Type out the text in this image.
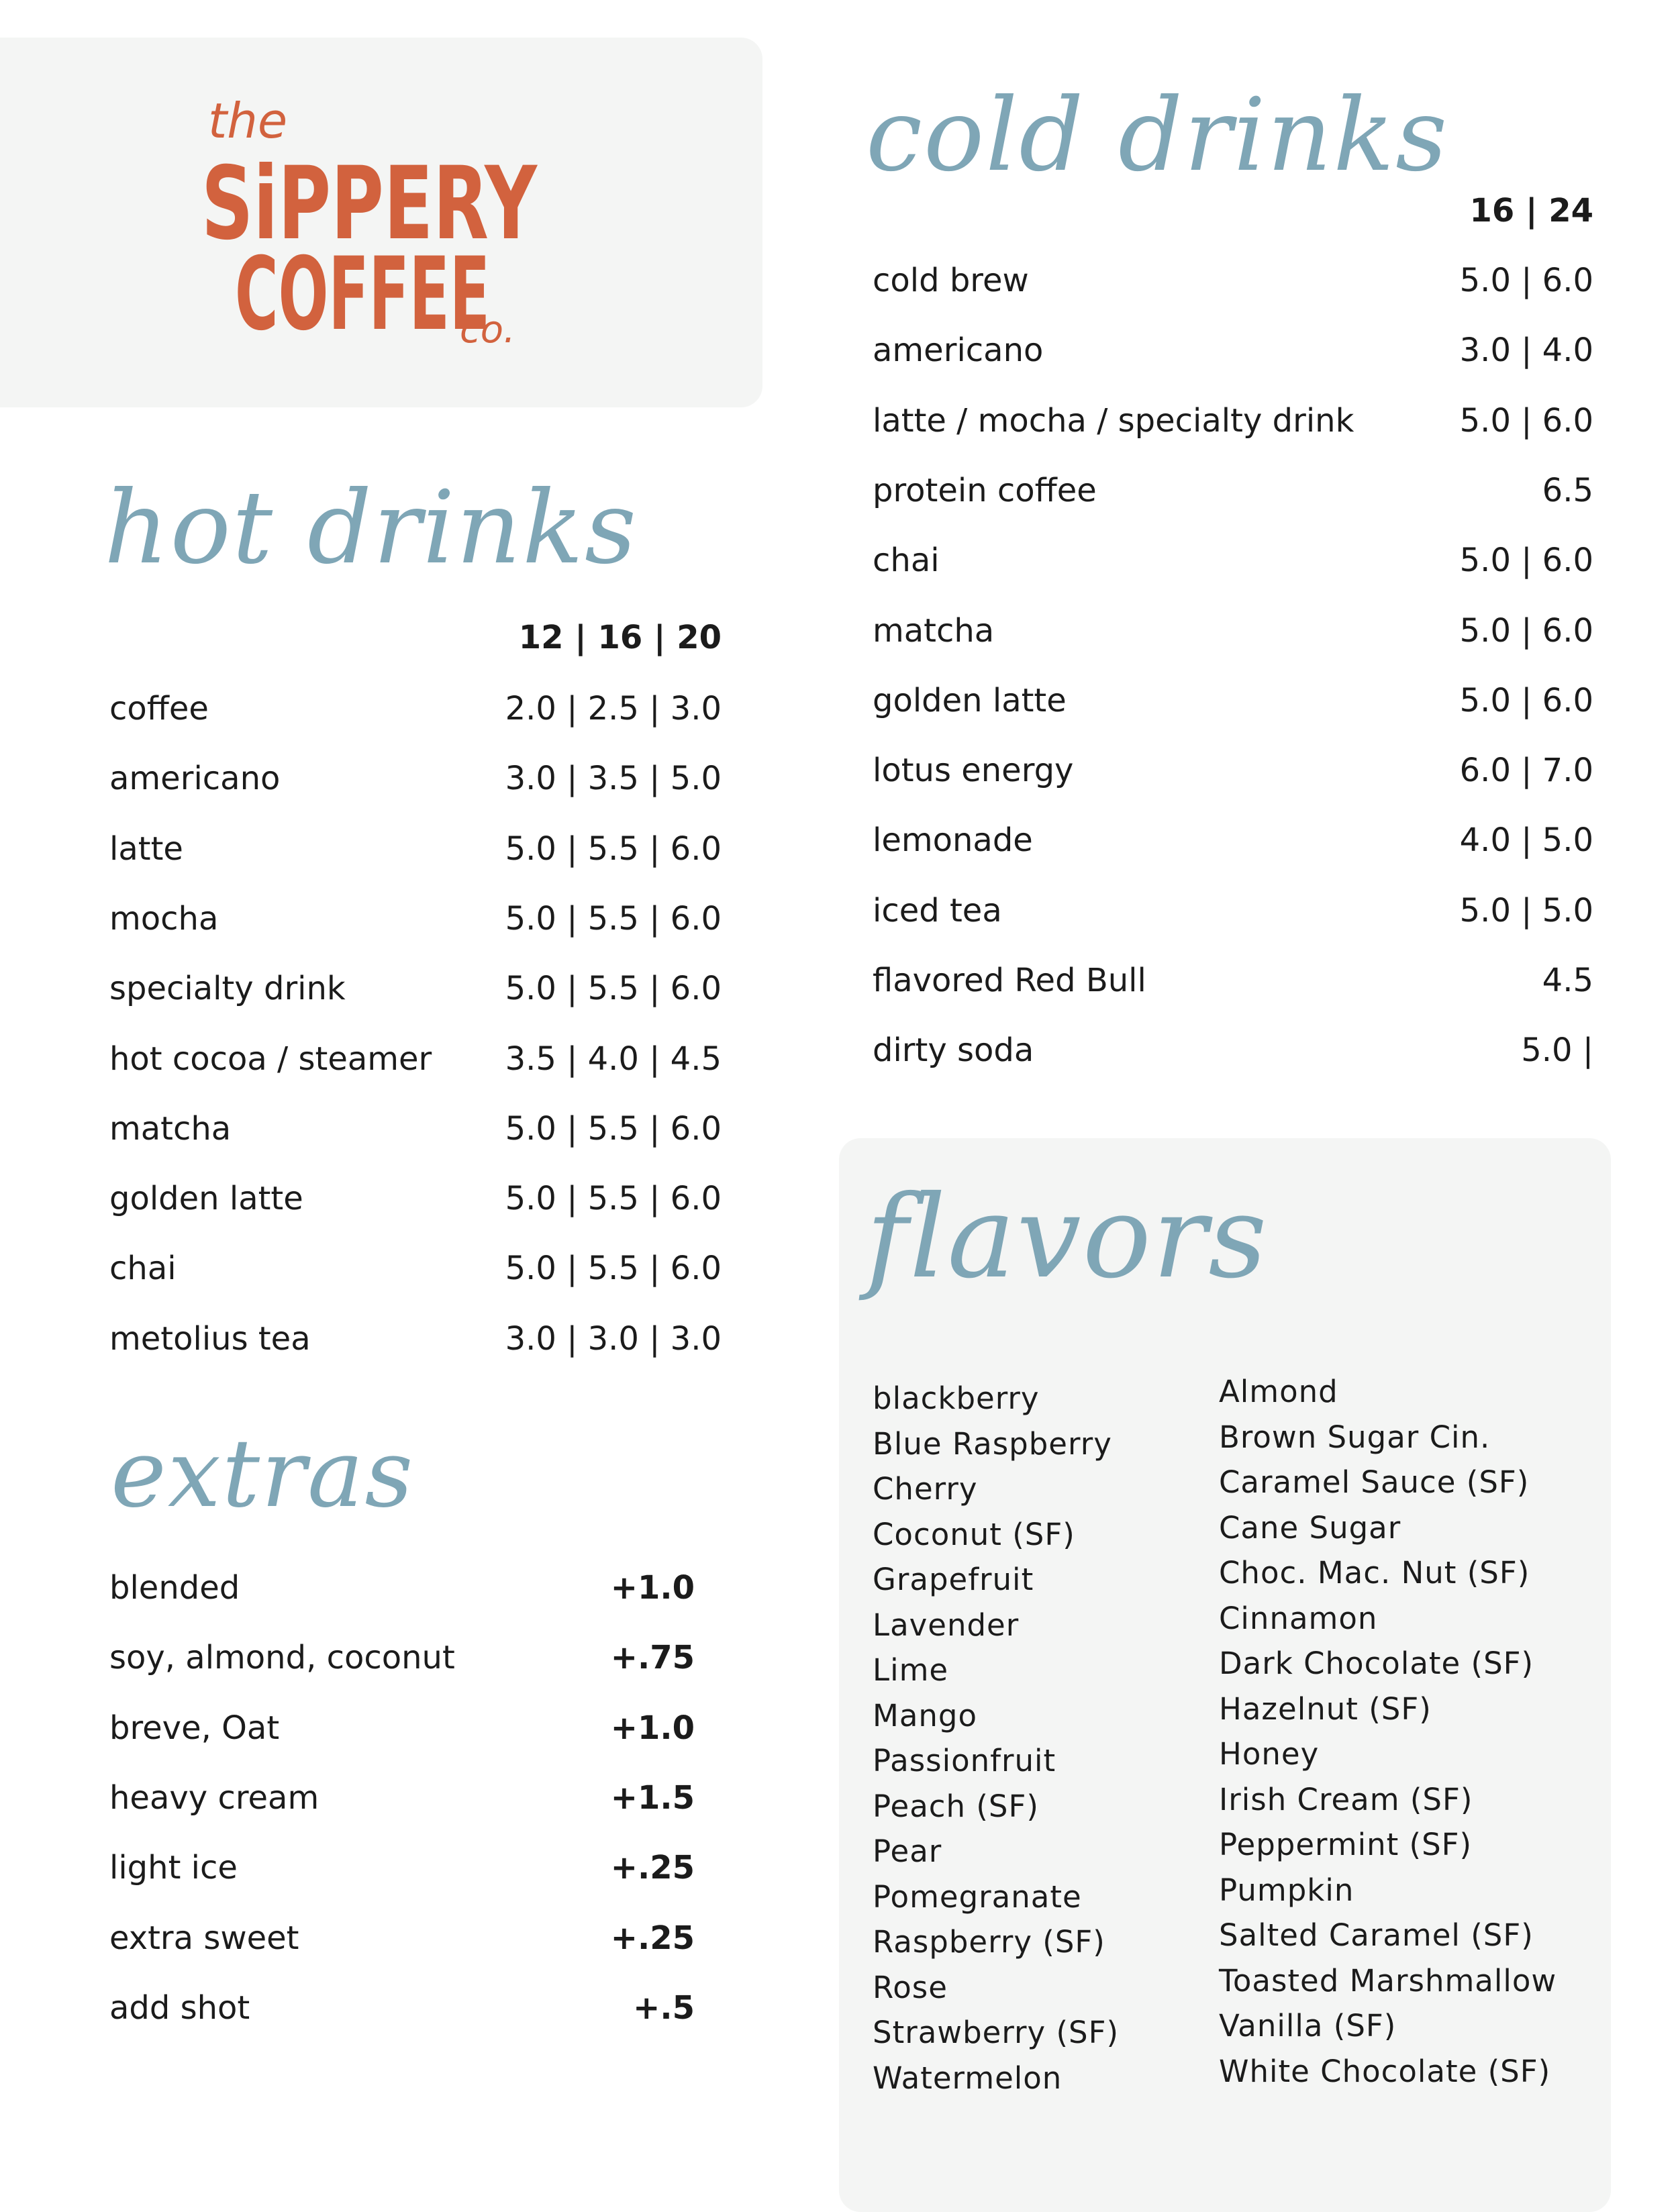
the
SiPPERY
COFFEE
co.
hot drinks
12 | 16 | 20
coffee	2.0 | 2.5 | 3.0
americano	3.0 | 3.5 | 5.0
latte	5.0 | 5.5 | 6.0
mocha	5.0 | 5.5 | 6.0
specialty drink	5.0 | 5.5 | 6.0
hot cocoa / steamer 3.5 | 4.0 | 4.5
matcha	5.0 | 5.5 | 6.0
golden latte	5.0 | 5.5 | 6.0
chai	5.0 | 5.5 | 6.0
metolius tea	3.0 | 3.0 | 3.0
cold drinks
16 | 24
cold brew	5.0 | 6.0
americano	3.0 | 4.0
latte / mocha / specialty drink	5.0 | 6.0
protein coffee	6.5
chai	5.0 | 6.0
matcha	5.0 | 6.0
golden latte	5.0 | 6.0
lotus energy	6.0 | 7.0
lemonade	4.0 | 5.0
iced tea	5.0 | 5.0
flavored Red Bull	4.5
dirty soda	5.0 |
extras
blended	+1.0
soy, almond, coconut	+.75
breve, Oat	+1.0
heavy cream	+1.5
light ice	+.25
extra sweet	+.25
add shot	+.5
flavors
blackberry
Blue Raspberry
Cherry
Coconut (SF)
Grapefruit
Lavender
Lime
Mango
Passionfruit
Peach (SF)
Pear
Pomegranate
Raspberry (SF)
Rose
Strawberry (SF)
Watermelon
Almond
Brown Sugar Cin.
Caramel Sauce (SF)
Cane Sugar
Choc. Mac. Nut (SF)
Cinnamon
Dark Chocolate (SF)
Hazelnut (SF)
Honey
Irish Cream (SF)
Peppermint (SF)
Pumpkin
Salted Caramel (SF)
Toasted Marshmallow
Vanilla (SF)
White Chocolate (SF)
